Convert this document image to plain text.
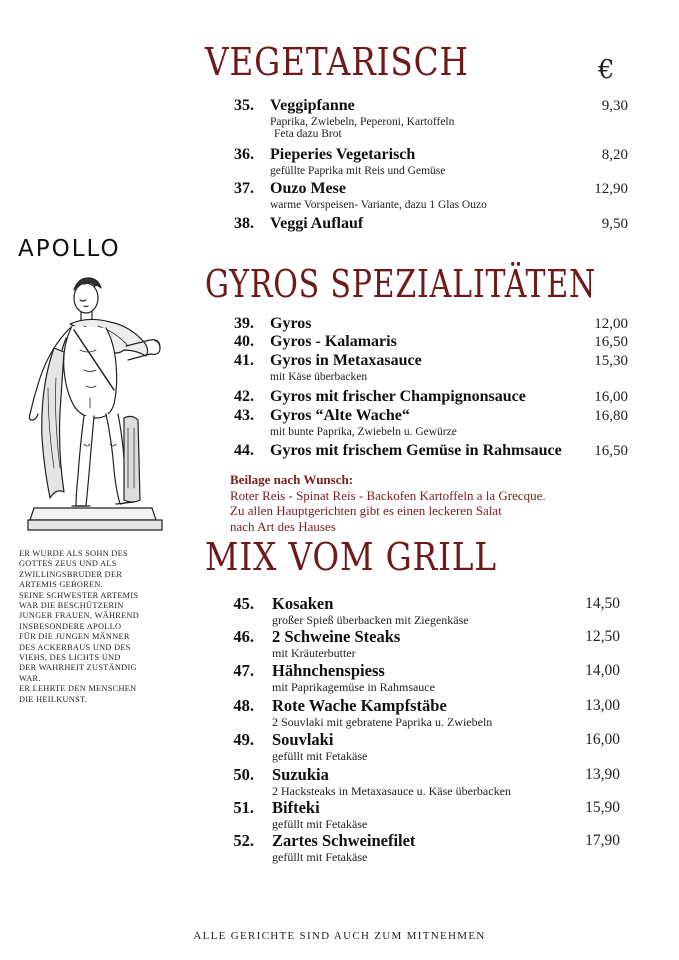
VEGETARISCH	€
GYROS SPEZIALITÄTEN
MIX VOM GRILL
35. Veggipfanne	9,30
Paprika, Zwiebeln, Peperoni, Kartoffeln
Feta dazu Brot
36. Pieperies Vegetarisch	8,20
gefüllte Paprika mit Reis und Gemüse
37. Ouzo Mese	12,90
warme Vorspeisen- Variante, dazu 1 Glas Ouzo
38. Veggi Auflauf	9,50
39. Gyros	12,00
40. Gyros - Kalamaris	16,50
41. Gyros in Metaxasauce	15,30
mit Käse überbacken
42. Gyros mit frischer Champignonsauce	16,00
43. Gyros “Alte Wache“	16,80
mit bunte Paprika, Zwiebeln u. Gewürze
44. Gyros mit frischem Gemüse in Rahmsauce 16,50
45. Kosaken	14,50
großer Spieß überbacken mit Ziegenkäse
46. 2 Schweine Steaks	12,50
mit Kräuterbutter
47. Hähnchenspiess	14,00
mit Paprikagemüse in Rahmsauce
48. Rote Wache Kampfstäbe	13,00
2 Souvlaki mit gebratene Paprika u. Zwiebeln
49. Souvlaki	16,00
gefüllt mit Fetakäse
50. Suzukia	13,90
2 Hacksteaks in Metaxasauce u. Käse überbacken
51. Bifteki	15,90
gefüllt mit Fetakäse
52. Zartes Schweinefilet	17,90
gefüllt mit Fetakäse
Beilage nach Wunsch:
Roter Reis - Spinat Reis - Backofen Kartoffeln a la Grecque.
Zu allen Hauptgerichten gibt es einen leckeren Salat
nach Art des Hauses
APOLLO
ER WURDE ALS SOHN DES
GOTTES ZEUS UND ALS
ZWILLINGSBRUDER DER
ARTEMIS GEBOREN.
SEINE SCHWESTER ARTEMIS
WAR DIE BESCHÜTZERIN
JUNGER FRAUEN, WÄHREND
INSBESONDERE APOLLO
FÜR DIE JUNGEN MÄNNER
DES ACKERBAUS UND DES
VIEHS, DES LICHTS UND
DER WAHRHEIT ZUSTÄNDIG
WAR.
ER LEHRTE DEN MENSCHEN
DIE HEILKUNST.
ALLE GERICHTE SIND AUCH ZUM MITNEHMEN
